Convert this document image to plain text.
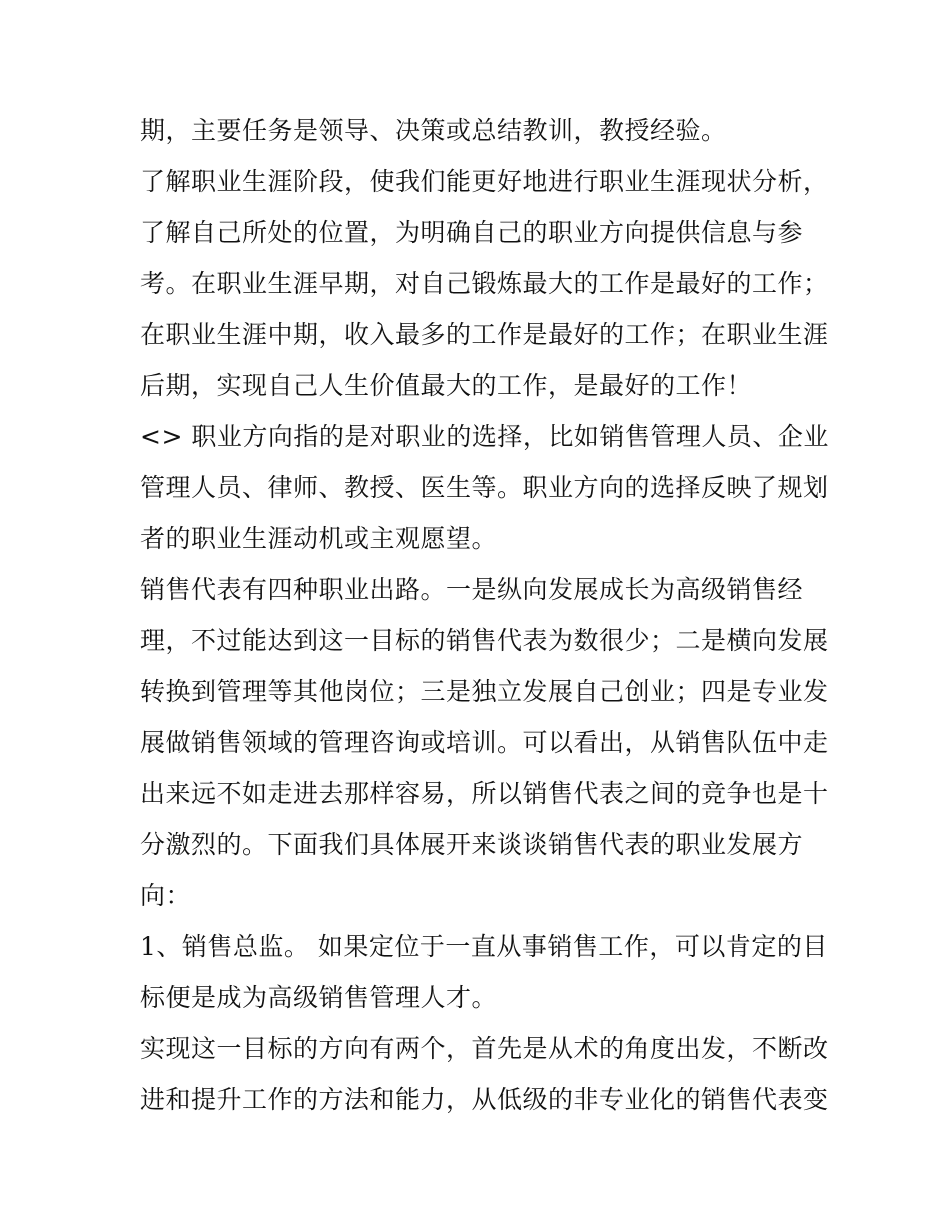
期，主要任务是领导、决策或总结教训，教授经验。

了解职业生涯阶段，使我们能更好地进行职业生涯现状分析，
了解自己所处的位置，为明确自己的职业方向提供信息与参
考。在职业生涯早期，对自己锻炼最大的工作是最好的工作；
在职业生涯中期，收入最多的工作是最好的工作；在职业生涯
后期，实现自己人生价值最大的工作，是最好的工作！

<> 职业方向指的是对职业的选择，比如销售管理人员、企业
管理人员、律师、教授、医生等。职业方向的选择反映了规划
者的职业生涯动机或主观愿望。

销售代表有四种职业出路。一是纵向发展成长为高级销售经
理，不过能达到这一目标的销售代表为数很少；二是横向发展
转换到管理等其他岗位；三是独立发展自己创业；四是专业发
展做销售领域的管理咨询或培训。可以看出，从销售队伍中走
出来远不如走进去那样容易，所以销售代表之间的竞争也是十
分激烈的。下面我们具体展开来谈谈销售代表的职业发展方
向：

1、销售总监。 如果定位于一直从事销售工作，可以肯定的目
标便是成为高级销售管理人才。

实现这一目标的方向有两个，首先是从术的角度出发，不断改
进和提升工作的方法和能力，从低级的非专业化的销售代表变
